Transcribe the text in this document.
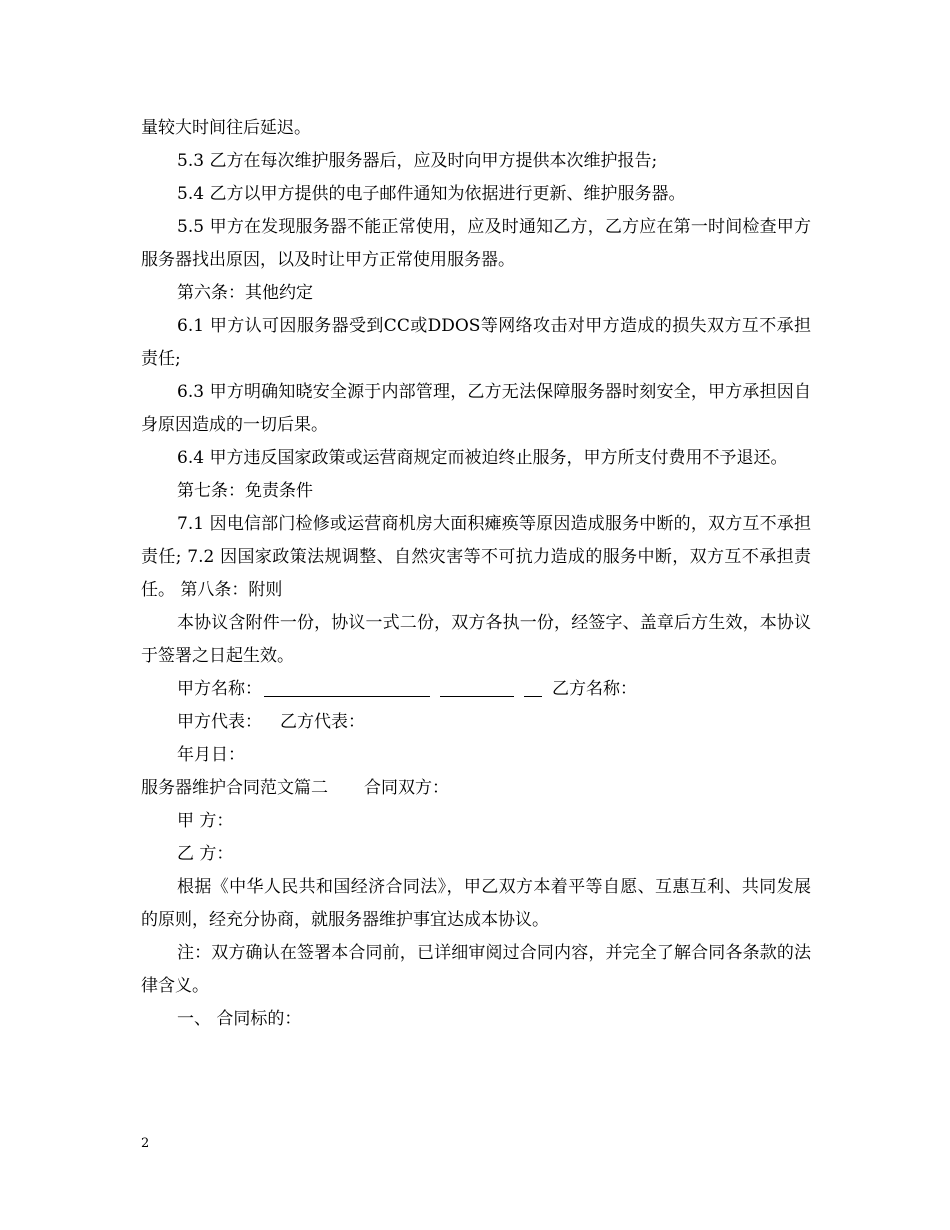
量较大时间往后延迟。

5.3 乙方在每次维护服务器后，应及时向甲方提供本次维护报告;

5.4 乙方以甲方提供的电子邮件通知为依据进行更新、维护服务器。

5.5 甲方在发现服务器不能正常使用，应及时通知乙方，乙方应在第一时间检查甲方服务器找出原因，以及时让甲方正常使用服务器。

第六条：其他约定

6.1 甲方认可因服务器受到CC或DDOS等网络攻击对甲方造成的损失双方互不承担责任;

6.3 甲方明确知晓安全源于内部管理，乙方无法保障服务器时刻安全，甲方承担因自身原因造成的一切后果。

6.4 甲方违反国家政策或运营商规定而被迫终止服务，甲方所支付费用不予退还。

第七条：免责条件

7.1 因电信部门检修或运营商机房大面积瘫痪等原因造成服务中断的，双方互不承担责任; 7.2 因国家政策法规调整、自然灾害等不可抗力造成的服务中断，双方互不承担责任。 第八条：附则

本协议含附件一份，协议一式二份，双方各执一份，经签字、盖章后方生效，本协议于签署之日起生效。

甲方名称：	乙方名称：

甲方代表： 乙方代表：

年月日：

服务器维护合同范文篇二 合同双方：

甲 方：

乙 方：

根据《中华人民共和国经济合同法》，甲乙双方本着平等自愿、互惠互利、共同发展的原则，经充分协商，就服务器维护事宜达成本协议。

注：双方确认在签署本合同前，已详细审阅过合同内容，并完全了解合同各条款的法律含义。

一、 合同标的：

2
